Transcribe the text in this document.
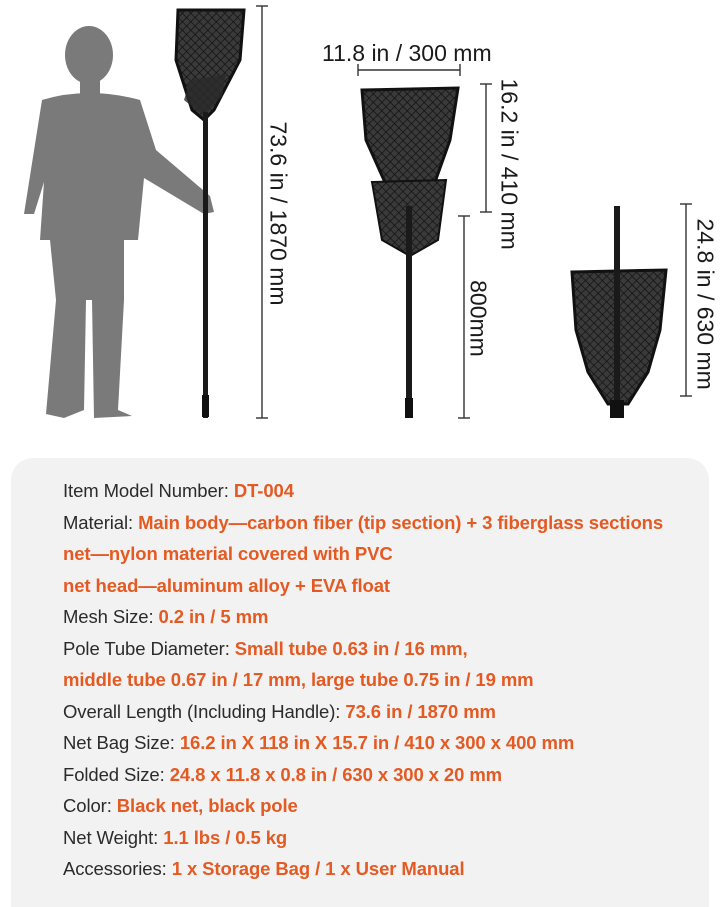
73.6 in / 1870 mm
11.8 in / 300 mm
16.2 in / 410 mm
800mm	24.8 in / 630 mm
Item Model Number: DT-004
Material: Main body—carbon fiber (tip section) + 3 fiberglass sections
net—nylon material covered with PVC
net head—aluminum alloy + EVA float
Mesh Size: 0.2 in / 5 mm
Pole Tube Diameter: Small tube 0.63 in / 16 mm,
middle tube 0.67 in / 17 mm, large tube 0.75 in / 19 mm
Overall Length (Including Handle): 73.6 in / 1870 mm
Net Bag Size: 16.2 in X 118 in X 15.7 in / 410 x 300 x 400 mm
Folded Size: 24.8 x 11.8 x 0.8 in / 630 x 300 x 20 mm
Color: Black net, black pole
Net Weight: 1.1 lbs / 0.5 kg
Accessories: 1 x Storage Bag / 1 x User Manual
